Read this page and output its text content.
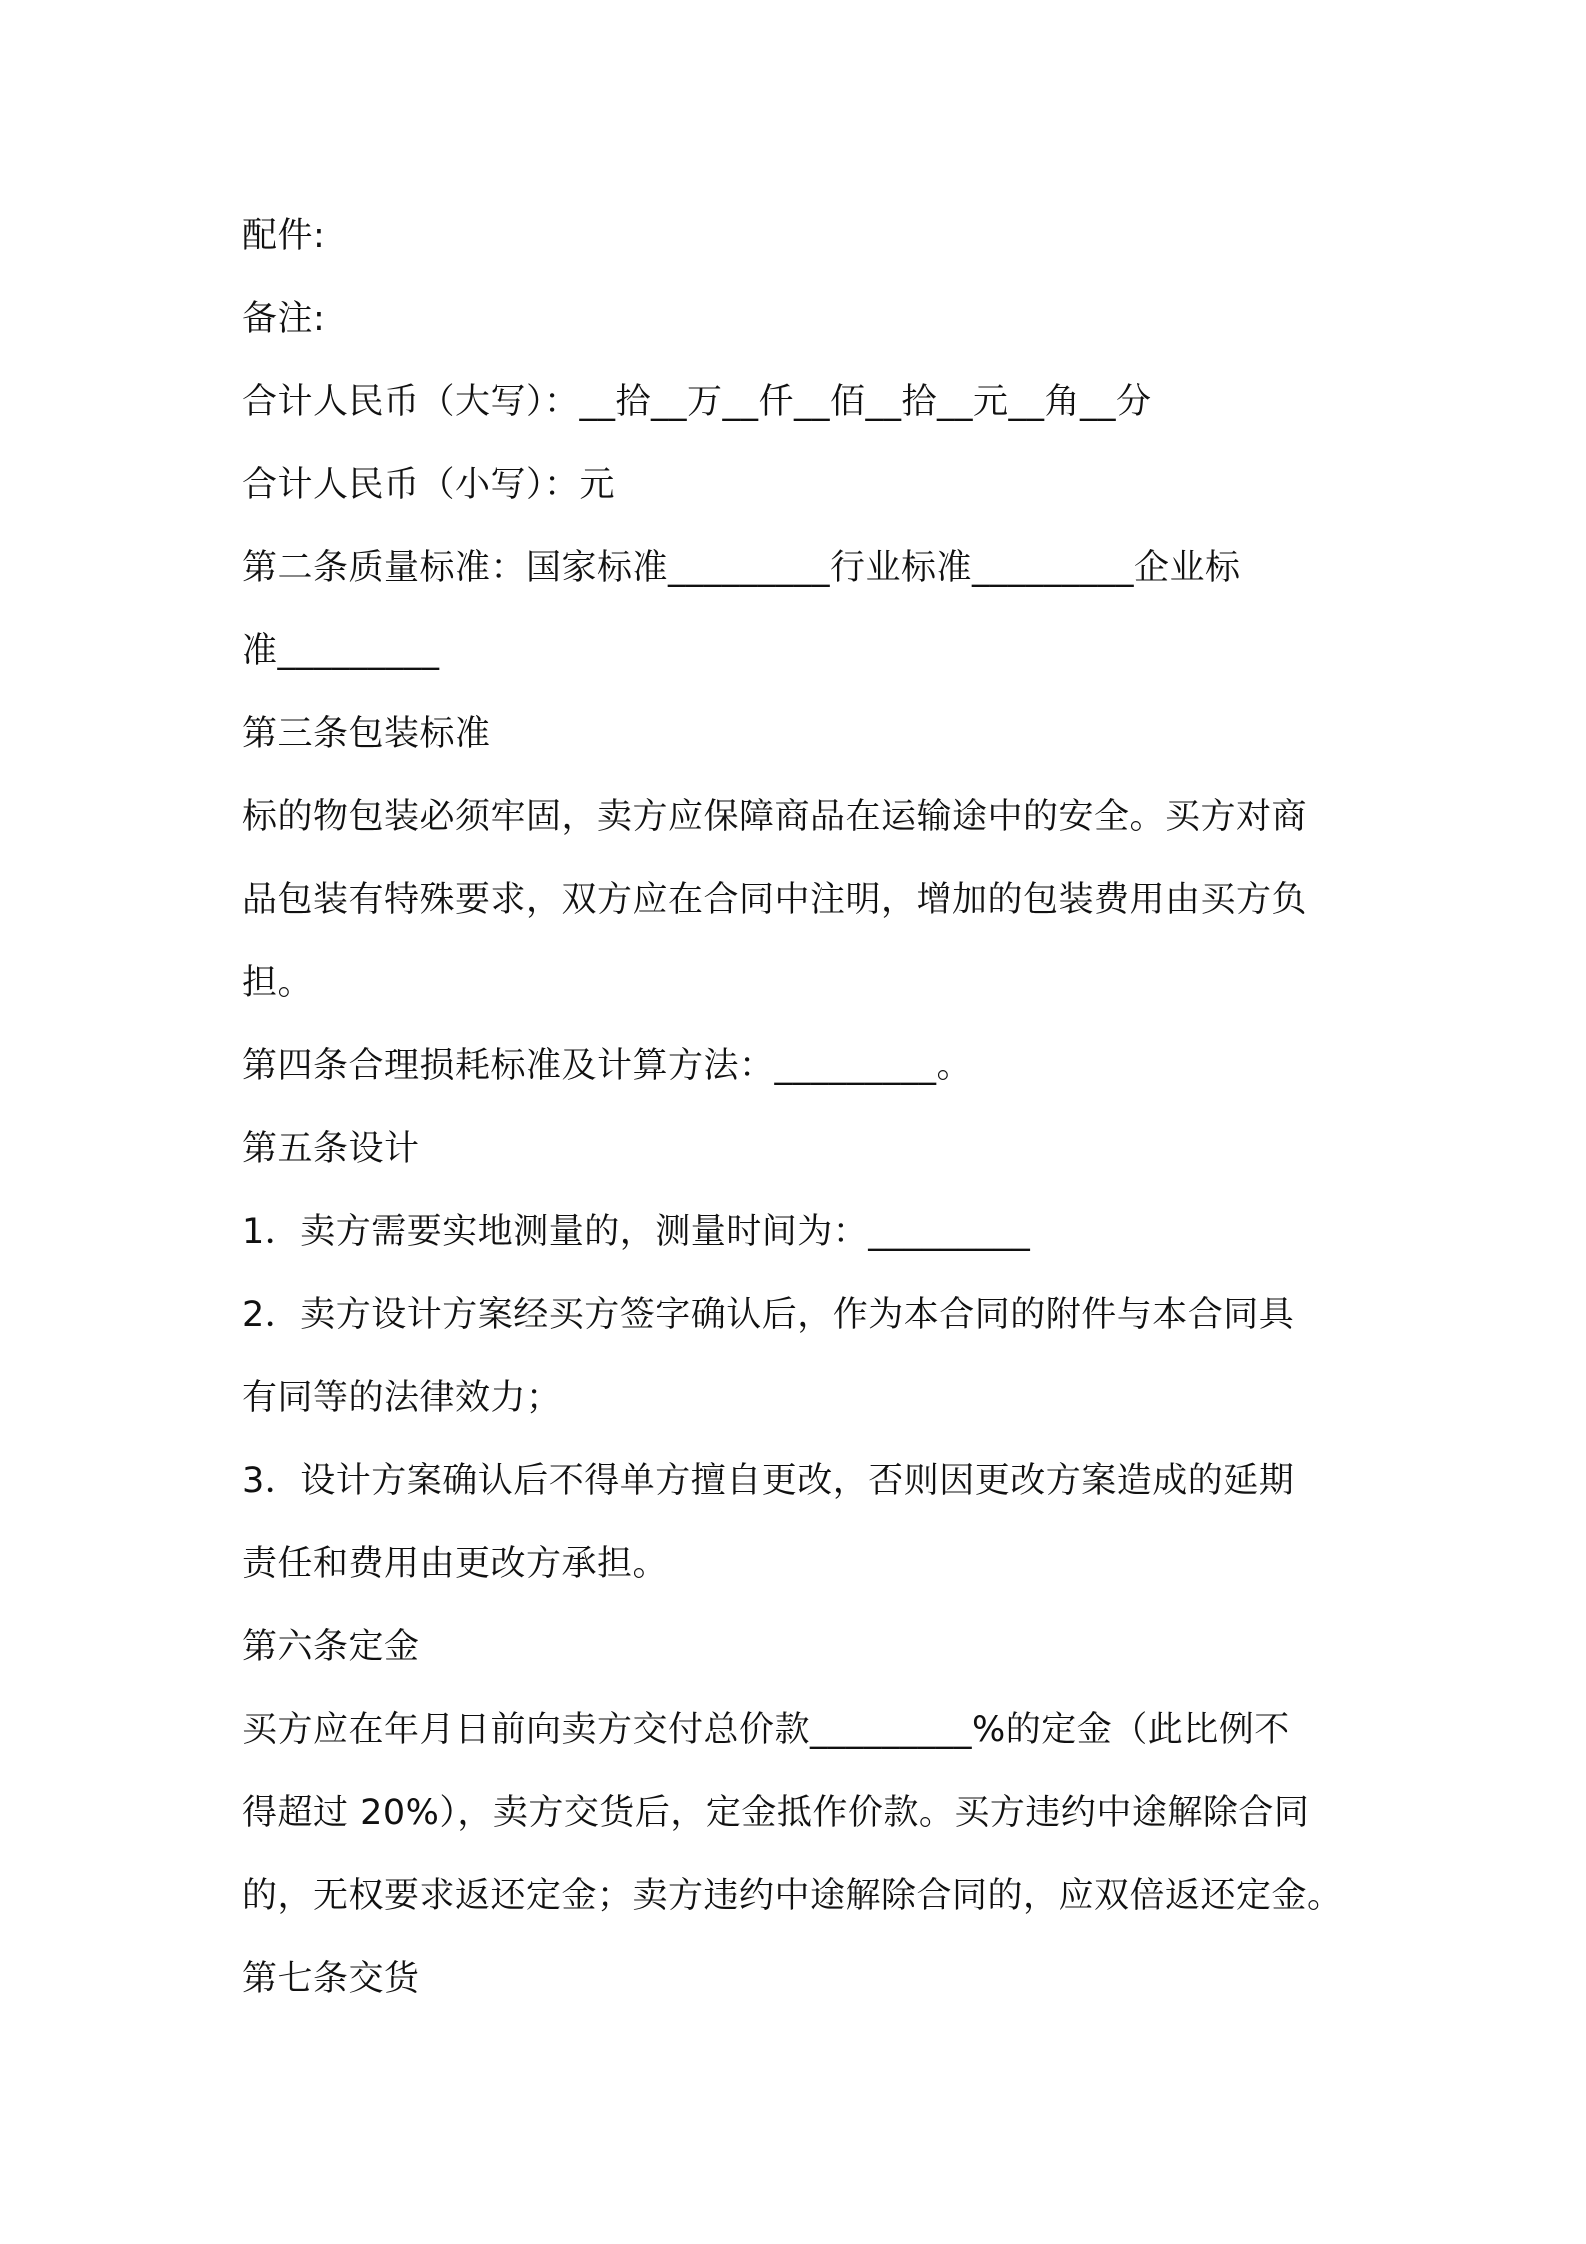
配件:
备注:
合计人民币（大写）：__拾__万__仟__佰__拾__元__角__分
合计人民币（小写）：元
第二条质量标准：国家标准_________行业标准_________企业标
准_________
第三条包装标准
标的物包装必须牢固，卖方应保障商品在运输途中的安全。买方对商
品包装有特殊要求，双方应在合同中注明，增加的包装费用由买方负
担。
第四条合理损耗标准及计算方法：_________。
第五条设计
1．卖方需要实地测量的，测量时间为：_________
2．卖方设计方案经买方签字确认后，作为本合同的附件与本合同具
有同等的法律效力；
3．设计方案确认后不得单方擅自更改，否则因更改方案造成的延期
责任和费用由更改方承担。
第六条定金
买方应在年月日前向卖方交付总价款_________%的定金（此比例不
得超过 20%），卖方交货后，定金抵作价款。买方违约中途解除合同
的，无权要求返还定金；卖方违约中途解除合同的，应双倍返还定金。
第七条交货
